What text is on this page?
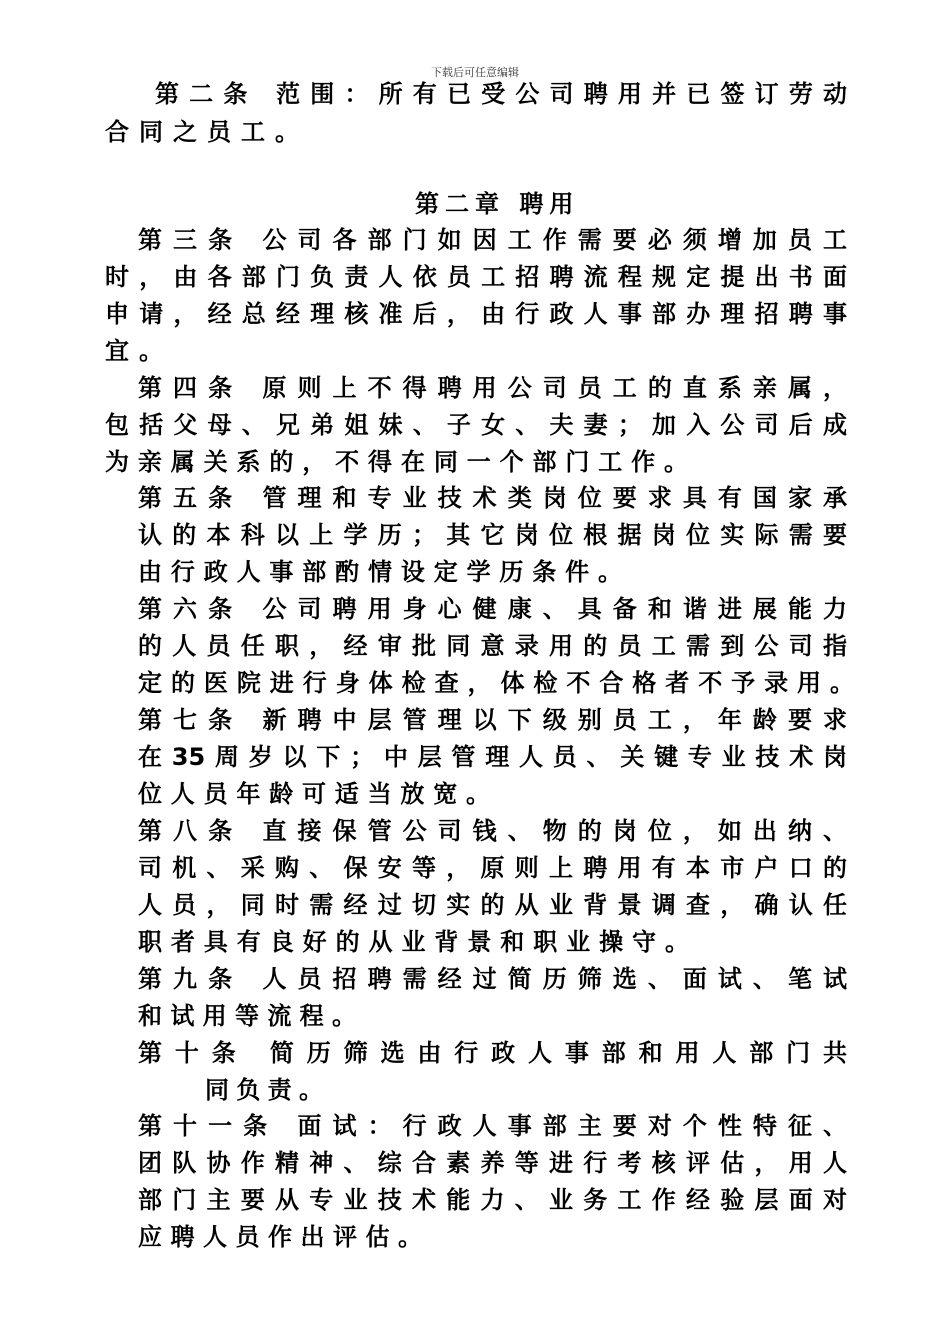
下载后可任意编辑
第二条 范围：所有已受公司聘用并已签订劳动
合同之员工。
第二章 聘用
第三条 公司各部门如因工作需要必须增加员工
时，由各部门负责人依员工招聘流程规定提出书面
申请，经总经理核准后，由行政人事部办理招聘事
宜。
第四条 原则上不得聘用公司员工的直系亲属，
包括父母、兄弟姐妹、子女、夫妻；加入公司后成
为亲属关系的，不得在同一个部门工作。
第五条 管理和专业技术类岗位要求具有国家承
认的本科以上学历；其它岗位根据岗位实际需要
由行政人事部酌情设定学历条件。
第六条 公司聘用身心健康、具备和谐进展能力
的人员任职，经审批同意录用的员工需到公司指
定的医院进行身体检查，体检不合格者不予录用。
第七条 新聘中层管理以下级别员工，年龄要求
在35周岁以下；中层管理人员、关键专业技术岗
位人员年龄可适当放宽。
第八条 直接保管公司钱、物的岗位，如出纳、
司机、采购、保安等，原则上聘用有本市户口的
人员，同时需经过切实的从业背景调查，确认任
职者具有良好的从业背景和职业操守。
第九条 人员招聘需经过简历筛选、面试、笔试
和试用等流程。
第十条 简历筛选由行政人事部和用人部门共
同负责。
第十一条 面试：行政人事部主要对个性特征、
团队协作精神、综合素养等进行考核评估，用人
部门主要从专业技术能力、业务工作经验层面对
应聘人员作出评估。
